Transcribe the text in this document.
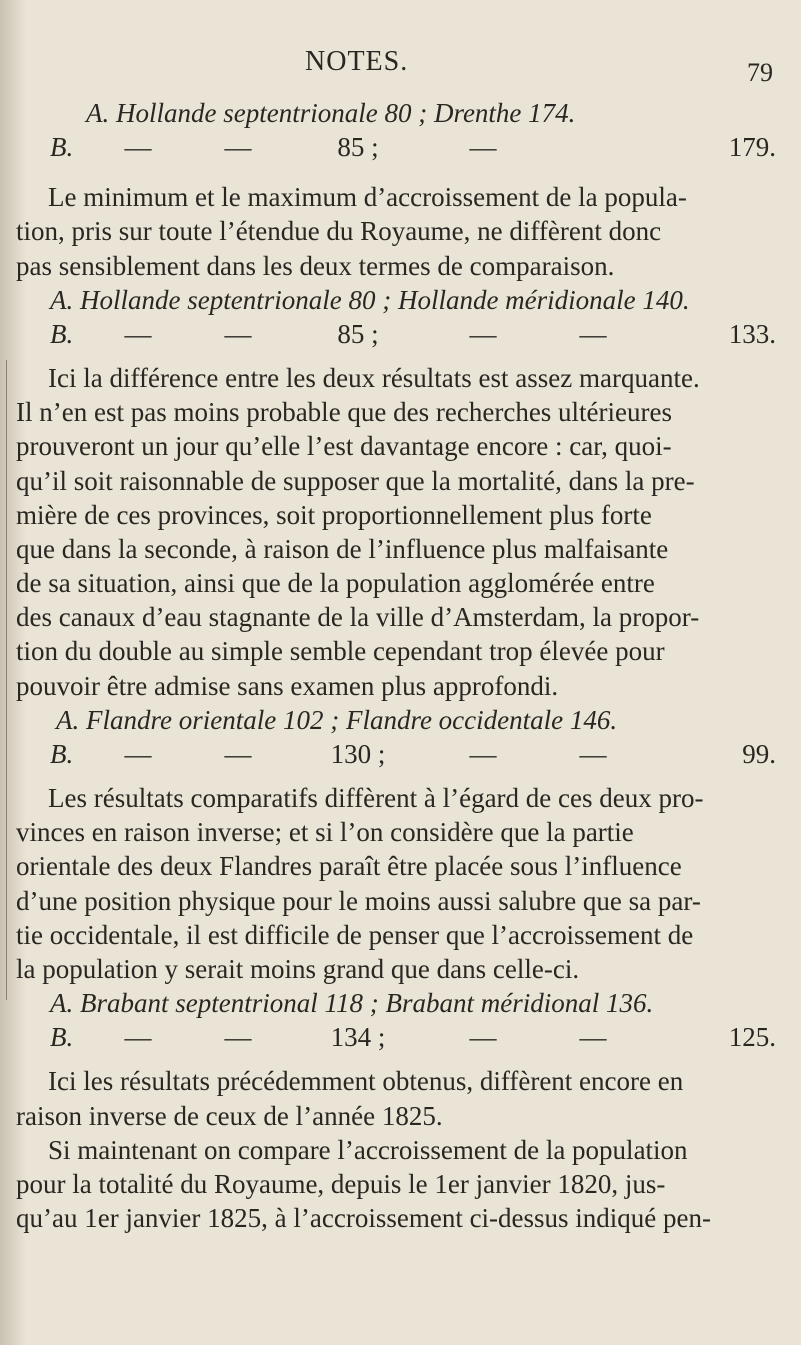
NOTES.	79
A. Hollande septentrionale 80 ; Drenthe 174.
B.	—	—	85 ;	—	179.
Le minimum et le maximum d’accroissement de la popula-
tion, pris sur toute l’étendue du Royaume, ne diffèrent donc
pas sensiblement dans les deux termes de comparaison.
A. Hollande septentrionale 80 ; Hollande méridionale 140.
B.	—	—	85 ;	—	—	133.
Ici la différence entre les deux résultats est assez marquante.
Il n’en est pas moins probable que des recherches ultérieures
prouveront un jour qu’elle l’est davantage encore : car, quoi-
qu’il soit raisonnable de supposer que la mortalité, dans la pre-
mière de ces provinces, soit proportionnellement plus forte
que dans la seconde, à raison de l’influence plus malfaisante
de sa situation, ainsi que de la population agglomérée entre
des canaux d’eau stagnante de la ville d’Amsterdam, la propor-
tion du double au simple semble cependant trop élevée pour
pouvoir être admise sans examen plus approfondi.
A. Flandre orientale 102 ; Flandre occidentale 146.
B.	—	—	130 ;	—	—	99.
Les résultats comparatifs diffèrent à l’égard de ces deux pro-
vinces en raison inverse; et si l’on considère que la partie
orientale des deux Flandres paraît être placée sous l’influence
d’une position physique pour le moins aussi salubre que sa par-
tie occidentale, il est difficile de penser que l’accroissement de
la population y serait moins grand que dans celle-ci.
A. Brabant septentrional 118 ; Brabant méridional 136.
B.	—	—	134 ;	—	—	125.
Ici les résultats précédemment obtenus, diffèrent encore en
raison inverse de ceux de l’année 1825.
Si maintenant on compare l’accroissement de la population
pour la totalité du Royaume, depuis le 1er janvier 1820, jus-
qu’au 1er janvier 1825, à l’accroissement ci-dessus indiqué pen-
